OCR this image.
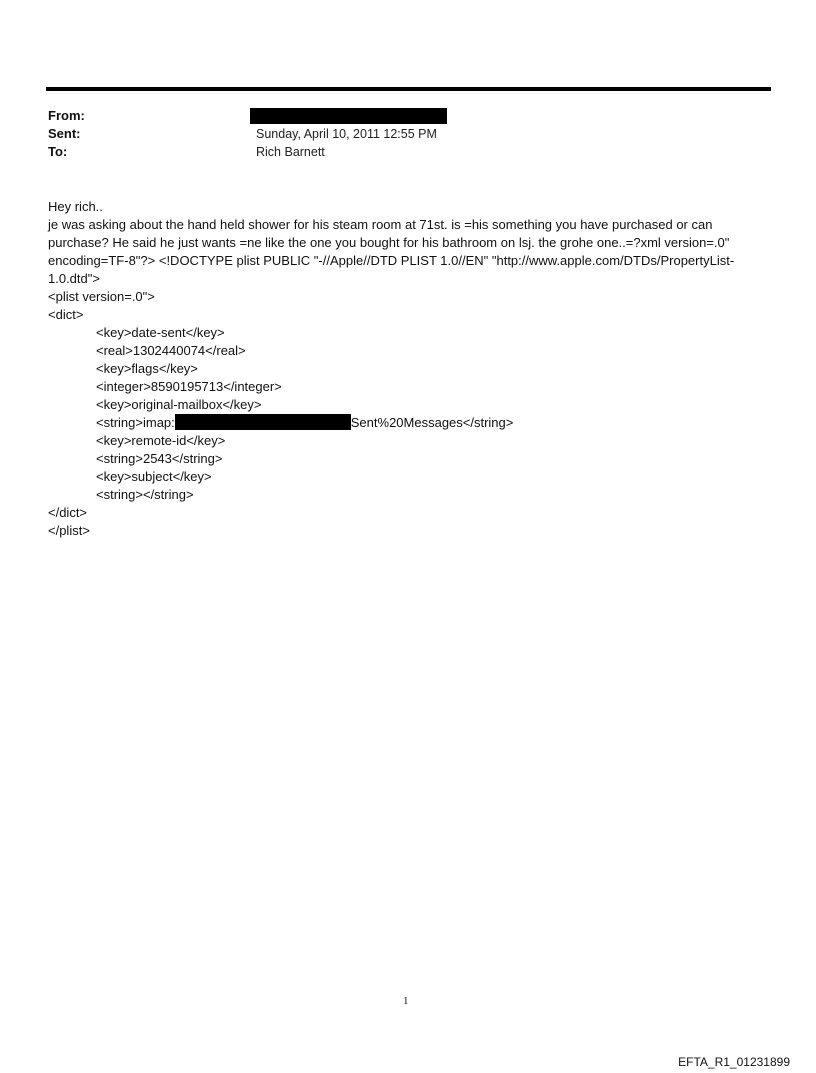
From:
Sent:	Sunday, April 10, 2011 12:55 PM
To:	Rich Barnett
Hey rich..
je was asking about the hand held shower for his steam room at 71st. is =his something you have purchased or can purchase? He said he just wants =ne like the one you bought for his bathroom on lsj. the grohe one..=?xml version=.0" encoding=TF-8"?> <!DOCTYPE plist PUBLIC "-//Apple//DTD PLIST 1.0//EN" "http://www.apple.com/DTDs/PropertyList-1.0.dtd">
<plist version=.0">
<dict>
<key>date-sent</key>
<real>1302440074</real>
<key>flags</key>
<integer>8590195713</integer>
<key>original-mailbox</key>
<string>imap:	Sent%20Messages</string>
<key>remote-id</key>
<string>2543</string>
<key>subject</key>
<string></string>
</dict>
</plist>
1
EFTA_R1_01231899
